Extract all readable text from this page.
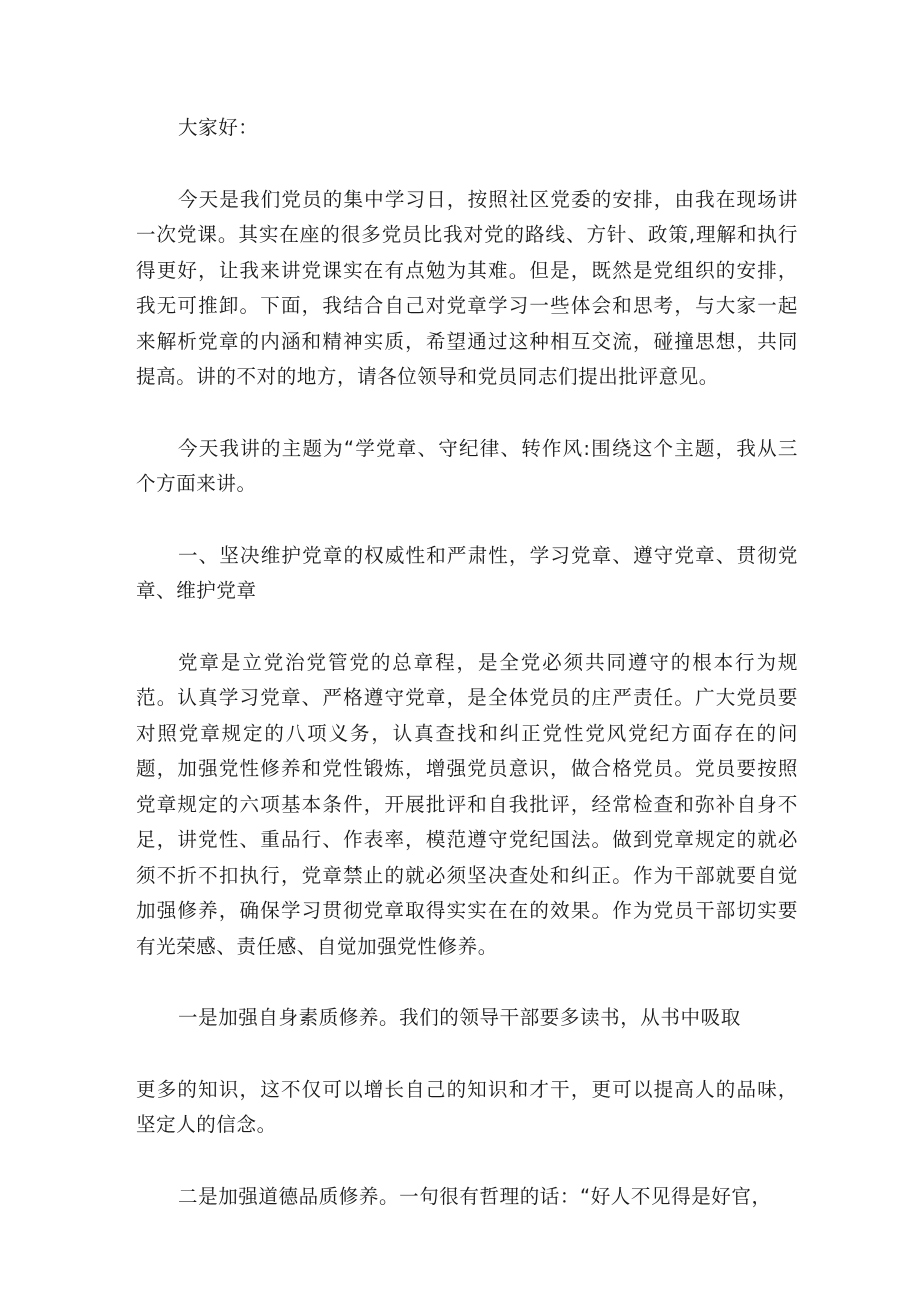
大家好：

今天是我们党员的集中学习日，按照社区党委的安排，由我在现场讲一次党课。其实在座的很多党员比我对党的路线、方针、政策,理解和执行得更好，让我来讲党课实在有点勉为其难。但是，既然是党组织的安排，我无可推卸。下面，我结合自己对党章学习一些体会和思考，与大家一起来解析党章的内涵和精神实质，希望通过这种相互交流，碰撞思想，共同提高。讲的不对的地方，请各位领导和党员同志们提出批评意见。

今天我讲的主题为“学党章、守纪律、转作风:围绕这个主题，我从三个方面来讲。

一、坚决维护党章的权威性和严肃性，学习党章、遵守党章、贯彻党章、维护党章

党章是立党治党管党的总章程，是全党必须共同遵守的根本行为规范。认真学习党章、严格遵守党章，是全体党员的庄严责任。广大党员要对照党章规定的八项义务，认真查找和纠正党性党风党纪方面存在的问题，加强党性修养和党性锻炼，增强党员意识，做合格党员。党员要按照党章规定的六项基本条件，开展批评和自我批评，经常检查和弥补自身不足，讲党性、重品行、作表率，模范遵守党纪国法。做到党章规定的就必须不折不扣执行，党章禁止的就必须坚决查处和纠正。作为干部就要自觉加强修养，确保学习贯彻党章取得实实在在的效果。作为党员干部切实要有光荣感、责任感、自觉加强党性修养。

一是加强自身素质修养。我们的领导干部要多读书，从书中吸取

更多的知识，这不仅可以增长自己的知识和才干，更可以提高人的品味，坚定人的信念。

二是加强道德品质修养。一句很有哲理的话：“好人不见得是好官，
